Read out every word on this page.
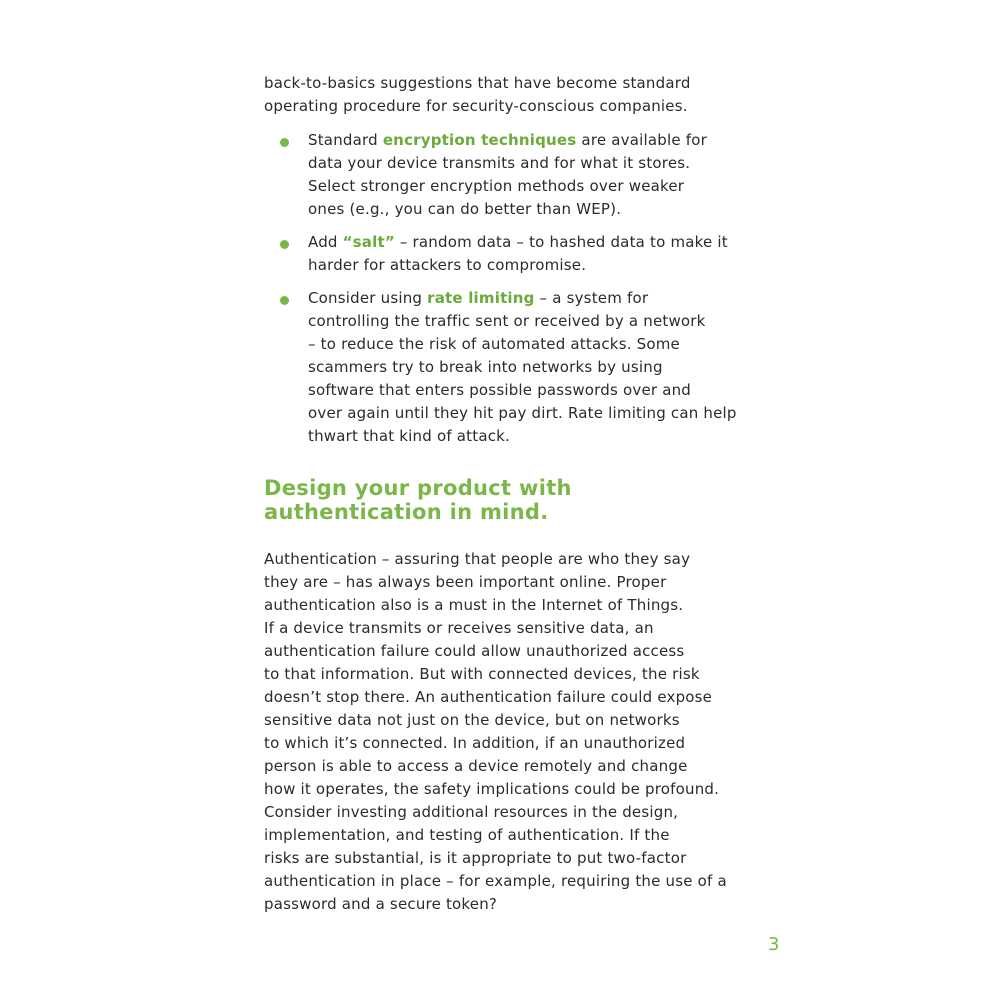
back-to-basics suggestions that have become standard
operating procedure for security-conscious companies.

Standard encryption techniques are available for
data your device transmits and for what it stores.
Select stronger encryption methods over weaker
ones (e.g., you can do better than WEP).

Add “salt” – random data – to hashed data to make it
harder for attackers to compromise.

Consider using rate limiting – a system for
controlling the traffic sent or received by a network
– to reduce the risk of automated attacks. Some
scammers try to break into networks by using
software that enters possible passwords over and
over again until they hit pay dirt. Rate limiting can help
thwart that kind of attack.

Design your product with
authentication in mind.

Authentication – assuring that people are who they say
they are – has always been important online. Proper
authentication also is a must in the Internet of Things.
If a device transmits or receives sensitive data, an
authentication failure could allow unauthorized access
to that information. But with connected devices, the risk
doesn’t stop there. An authentication failure could expose
sensitive data not just on the device, but on networks
to which it’s connected. In addition, if an unauthorized
person is able to access a device remotely and change
how it operates, the safety implications could be profound.
Consider investing additional resources in the design,
implementation, and testing of authentication. If the
risks are substantial, is it appropriate to put two-factor
authentication in place – for example, requiring the use of a
password and a secure token?

3
